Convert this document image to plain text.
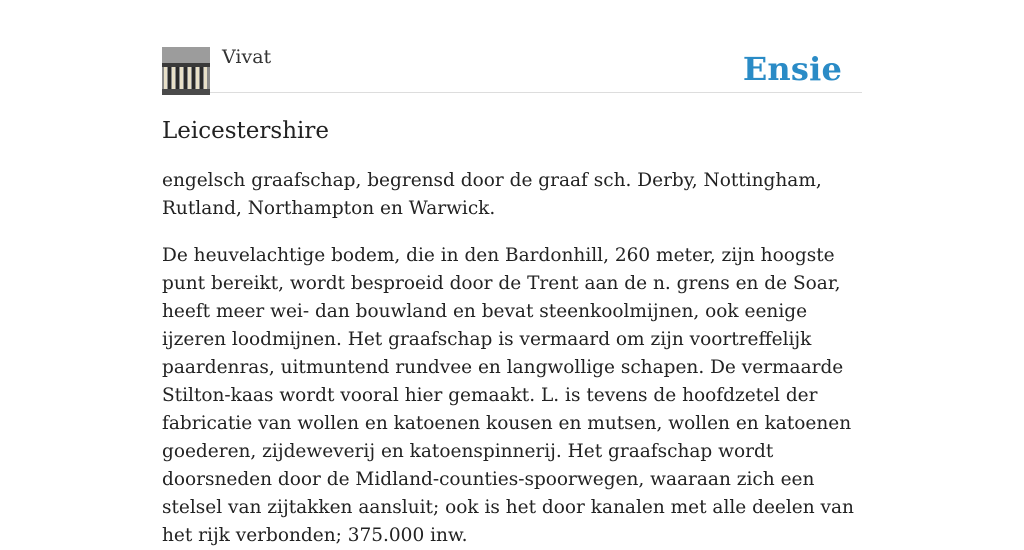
Vivat	Ensie
Leicestershire

engelsch graafschap, begrensd door de graaf sch. Derby, Nottingham, Rutland, Northampton en Warwick.

De heuvelachtige bodem, die in den Bardonhill, 260 meter, zijn hoogste punt bereikt, wordt besproeid door de Trent aan de n. grens en de Soar, heeft meer wei- dan bouwland en bevat steenkoolmijnen, ook eenige ijzeren loodmijnen. Het graafschap is vermaard om zijn voortreffelijk paardenras, uitmuntend rundvee en langwollige schapen. De vermaarde Stilton-kaas wordt vooral hier gemaakt. L. is tevens de hoofdzetel der fabricatie van wollen en katoenen kousen en mutsen, wollen en katoenen goederen, zijdeweverij en katoenspinnerij. Het graafschap wordt doorsneden door de Midland-counties-spoorwegen, waaraan zich een stelsel van zijtakken aansluit; ook is het door kanalen met alle deelen van het rijk verbonden; 375.000 inw.
